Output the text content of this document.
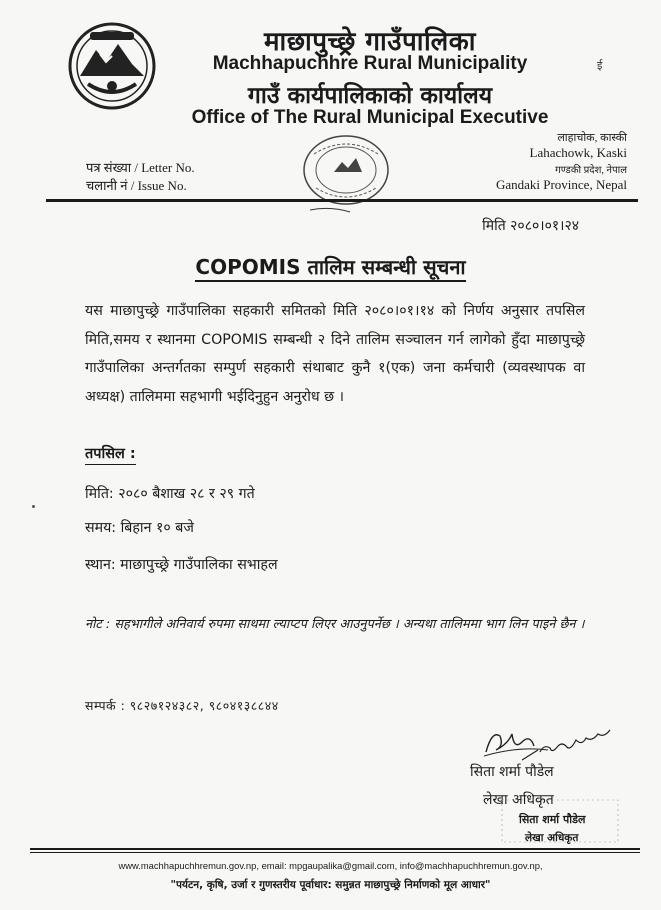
माछापुच्छ्रे गाउँपालिका
Machhapuchhre Rural Municipality
गाउँ कार्यपालिकाको कार्यालय
Office of The Rural Municipal Executive
ई
लाहाचोक, कास्की
Lahachowk, Kaski
गण्डकी प्रदेश, नेपाल
Gandaki Province, Nepal
पत्र संख्या / Letter No.
चलानी नं / Issue No.
मिति २०८०।०१।२४
COPOMIS तालिम सम्बन्धी सूचना
यस माछापुच्छ्रे गाउँपालिका सहकारी समितको मिति २०८०।०१।१४ को निर्णय अनुसार तपसिल मिति,समय र स्थानमा COPOMIS सम्बन्धी २ दिने तालिम सञ्चालन गर्न लागेको हुँदा माछापुच्छ्रे गाउँपालिका अन्तर्गतका सम्पुर्ण सहकारी संथाबाट कुनै १(एक) जना कर्मचारी (व्यवस्थापक वा अध्यक्ष) तालिममा सहभागी भईदिनुहुन अनुरोध छ ।
तपसिल :
मिति: २०८० बैशाख २८ र २९ गते
समय: बिहान १० बजे
स्थान: माछापुच्छ्रे गाउँपालिका सभाहल
नोट : सहभागीले अनिवार्य रुपमा साथमा ल्याप्टप लिएर आउनुपर्नेछ । अन्यथा तालिममा भाग लिन पाइने छैन ।
सम्पर्क : ९८२७१२४३८२, ९८०४१३८८४४
सिता शर्मा पौडेल
लेखा अधिकृत
सिता शर्मा पौडेल
लेखा अधिकृत
www.machhapuchhremun.gov.np, email: mpgaupalika@gmail.com, info@machhapuchhremun.gov.np,
"पर्यटन, कृषि, उर्जा र गुणस्तरीय पूर्वाधार: समुन्नत माछापुच्छ्रे निर्माणको मूल आधार"
